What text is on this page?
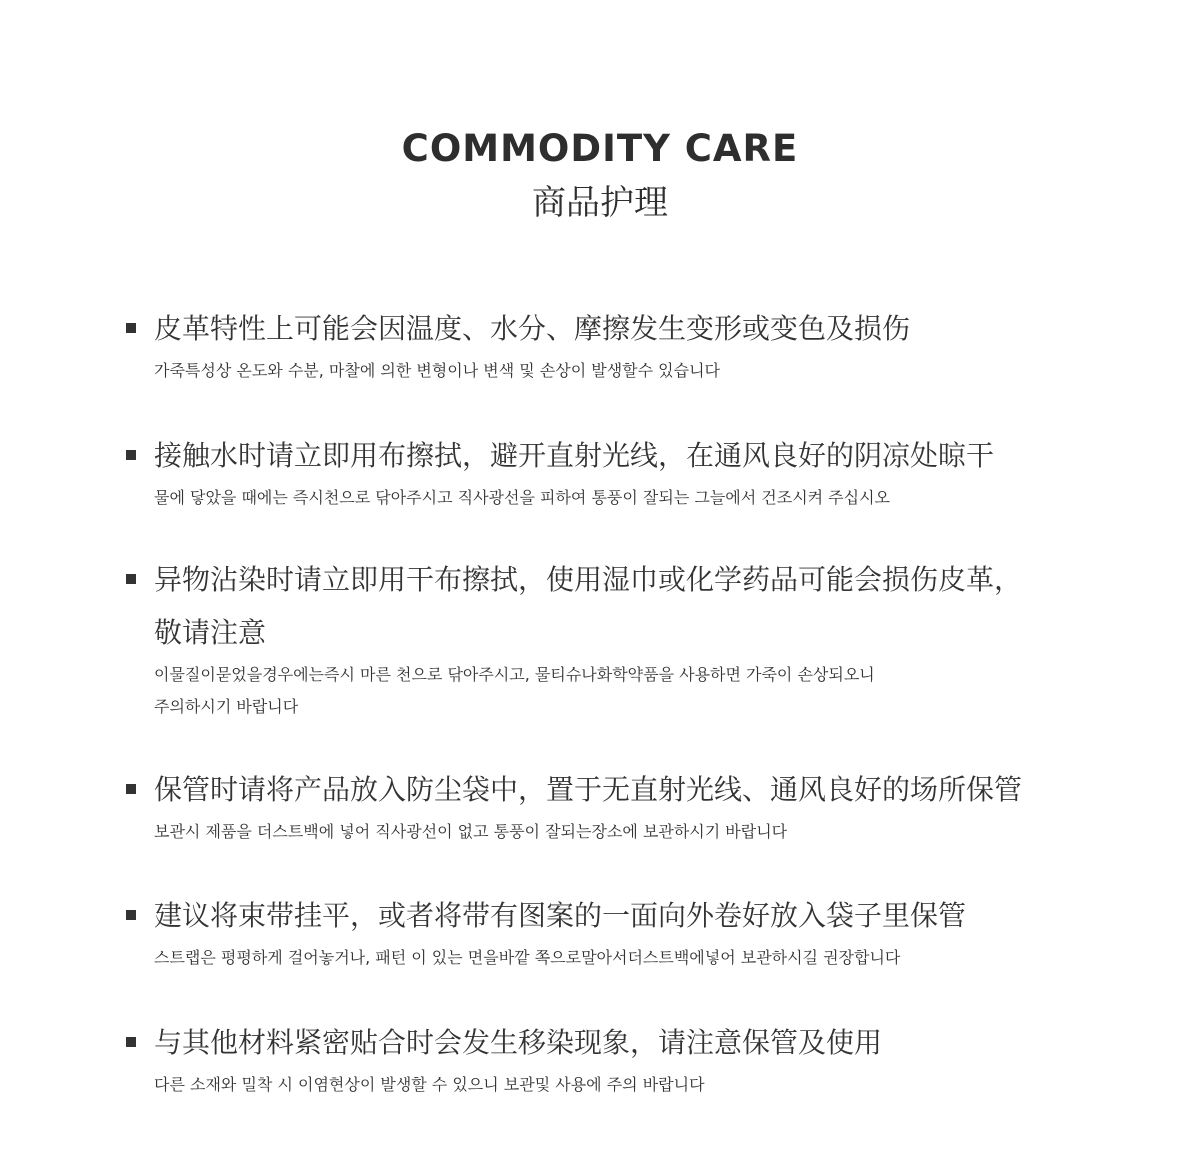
COMMODITY CARE
商品护理
皮革特性上可能会因温度、水分、摩擦发生变形或变色及损伤
가죽특성상 온도와 수분, 마찰에 의한 변형이나 변색 및 손상이 발생할수 있습니다
接触水时请立即用布擦拭，避开直射光线，在通风良好的阴凉处晾干
물에 닿았을 때에는 즉시천으로 닦아주시고 직사광선을 피하여 통풍이 잘되는 그늘에서 건조시켜 주십시오
异物沾染时请立即用干布擦拭，使用湿巾或化学药品可能会损伤皮革，
敬请注意
이물질이묻었을경우에는즉시 마른 천으로 닦아주시고, 물티슈나화학약품을 사용하면 가죽이 손상되오니
주의하시기 바랍니다
保管时请将产品放入防尘袋中，置于无直射光线、通风良好的场所保管
보관시 제품을 더스트백에 넣어 직사광선이 없고 통풍이 잘되는장소에 보관하시기 바랍니다
建议将束带挂平，或者将带有图案的一面向外卷好放入袋子里保管
스트랩은 평평하게 걸어놓거나, 패턴 이 있는 면을바깥 쪽으로말아서더스트백에넣어 보관하시길 권장합니다
与其他材料紧密贴合时会发生移染现象，请注意保管及使用
다른 소재와 밀착 시 이염현상이 발생할 수 있으니 보관및 사용에 주의 바랍니다
